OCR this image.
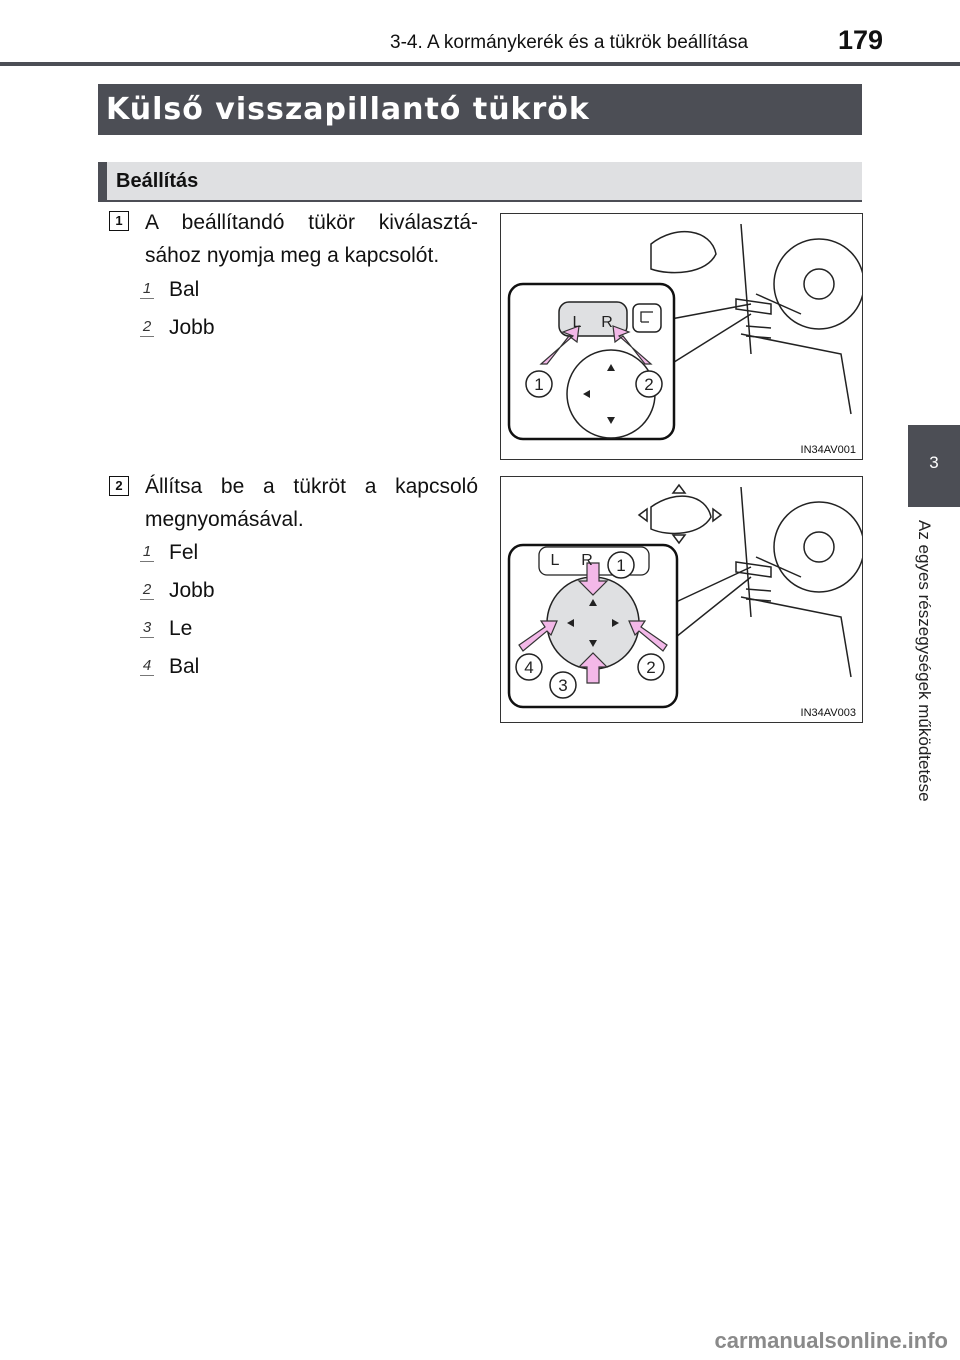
3-4. A kormánykerék és a tükrök beállítása	179
3
Az egyes részegységek működtetése
Külső visszapillantó tükrök
Beállítás
1	A beállítandó tükör kiválasztá-sához nyomja meg a kapcsolót.
1 Bal
2 Jobb	L R
1	2
IN34AV001
2	Állítsa be a tükröt a kapcsoló megnyomásával.
1 Fel
2 Jobb
3 Le
4 Bal
L R 1
2
3
4
IN34AV003
carmanualsonline.info
